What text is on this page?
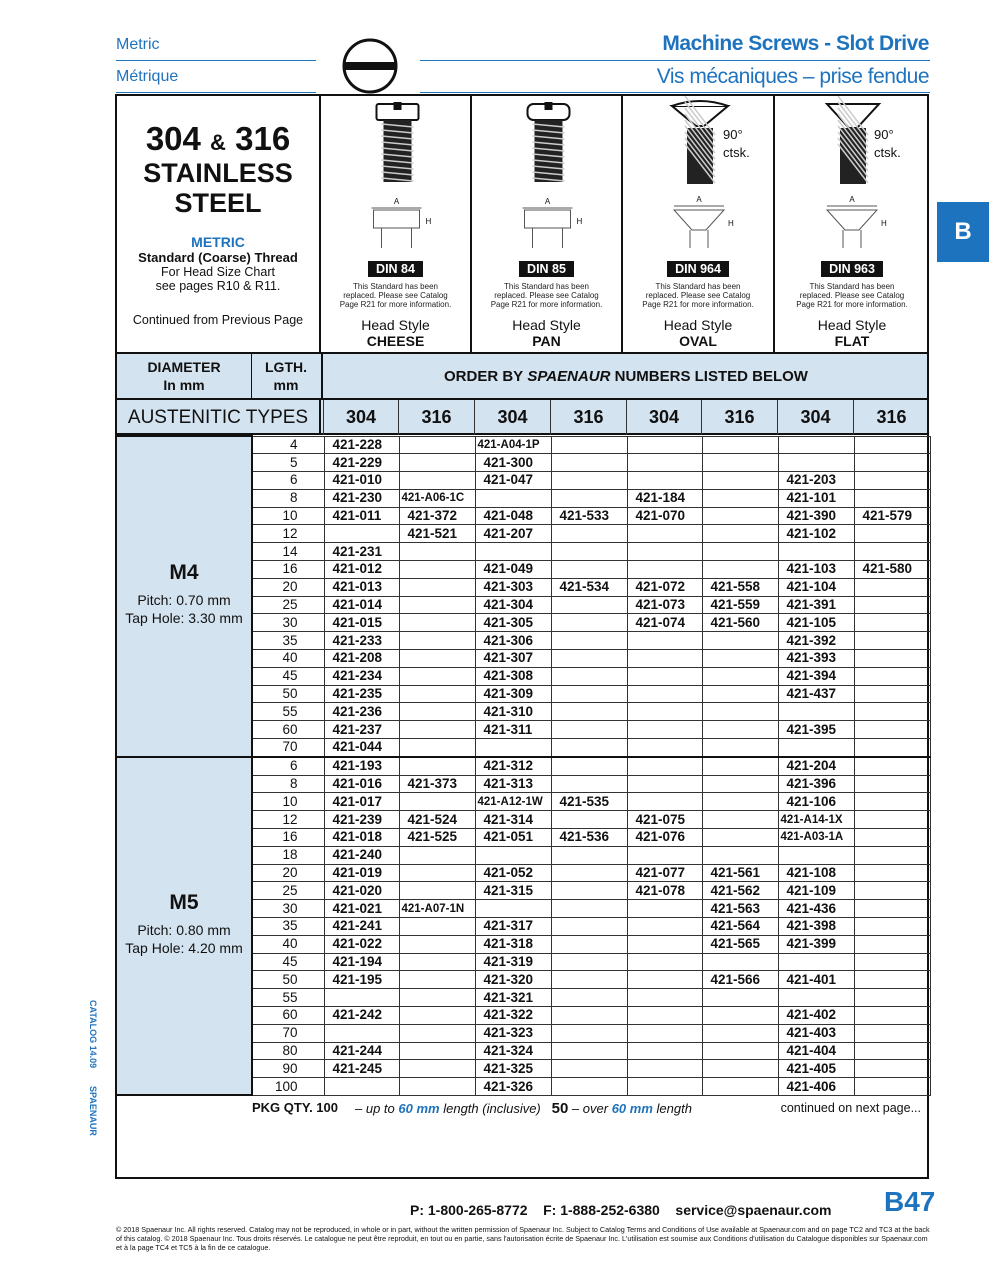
Metric
Métrique
Machine Screws - Slot Drive
Vis mécaniques – prise fendue
B
304 & 316
STAINLESS
STEEL
METRIC
Standard (Coarse) Thread
For Head Size Chart
see pages R10 & R11.
Continued from Previous Page
A
H
DIN 84
This Standard has been
replaced. Please see Catalog
Page R21 for more information.
Head Style
CHEESE
A
H
DIN 85
This Standard has been
replaced. Please see Catalog
Page R21 for more information.
Head Style
PAN
A
H
90° ctsk.
DIN 964
This Standard has been
replaced. Please see Catalog
Page R21 for more information.
Head Style
OVAL
A
H
90° ctsk.
DIN 963
This Standard has been
replaced. Please see Catalog
Page R21 for more information.
Head Style
FLAT
DIAMETER
In mm
LGTH.
mm
ORDER BY
SPAENAUR
NUMBERS LISTED BELOW
AUSTENITIC TYPES	304	316	304	316	304	316	304	316
M4
Pitch: 0.70 mm
Tap Hole: 3.30 mm	4	421-228		421-A04-1P					
	5	421-229		421-300					
	6	421-010		421-047				421-203	
	8	421-230	421-A06-1C			421-184		421-101	
	10	421-011	421-372	421-048	421-533	421-070		421-390	421-579
	12		421-521	421-207				421-102	
	14	421-231							
	16	421-012		421-049				421-103	421-580
	20	421-013		421-303	421-534	421-072	421-558	421-104	
	25	421-014		421-304		421-073	421-559	421-391	
	30	421-015		421-305		421-074	421-560	421-105	
	35	421-233		421-306				421-392	
	40	421-208		421-307				421-393	
	45	421-234		421-308				421-394	
	50	421-235		421-309				421-437	
	55	421-236		421-310					
	60	421-237		421-311				421-395	
	70	421-044							

M5
Pitch: 0.80 mm
Tap Hole: 4.20 mm	6	421-193		421-312				421-204	
	8	421-016	421-373	421-313				421-396	
	10	421-017		421-A12-1W	421-535			421-106	
	12	421-239	421-524	421-314		421-075		421-A14-1X	
	16	421-018	421-525	421-051	421-536	421-076		421-A03-1A	
	18	421-240							
	20	421-019		421-052		421-077	421-561	421-108	
	25	421-020		421-315		421-078	421-562	421-109	
	30	421-021	421-A07-1N				421-563	421-436	
	35	421-241		421-317			421-564	421-398	
	40	421-022		421-318			421-565	421-399	
	45	421-194		421-319					
	50	421-195		421-320			421-566	421-401	
	55			421-321					
	60	421-242		421-322				421-402	
	70			421-323				421-403	
	80	421-244		421-324				421-404	
	90	421-245		421-325				421-405	
	100			421-326				421-406	
PKG QTY. 100 – up to 60 mm length (inclusive) 50 – over 60 mm length	continued on next page...
CATALOG 14.09
SPAENAUR
P: 1-800-265-8772 F: 1-888-252-6380 service@spaenaur.com B47
© 2018 Spaenaur Inc. All rights reserved. Catalog may not be reproduced, in whole or in part, without the written permission of Spaenaur Inc. Subject to Catalog Terms and Conditions of Use available at Spaenaur.com and on page TC2 and TC3 at the back of this catalog. © 2018 Spaenaur Inc. Tous droits réservés. Le catalogue ne peut être reproduit, en tout ou en partie, sans l'autorisation écrite de Spaenaur Inc. L'utilisation est soumise aux Conditions d'utilisation du Catalogue disponibles sur Spaenaur.com et à la page TC4 et TC5 à la fin de ce catalogue.
